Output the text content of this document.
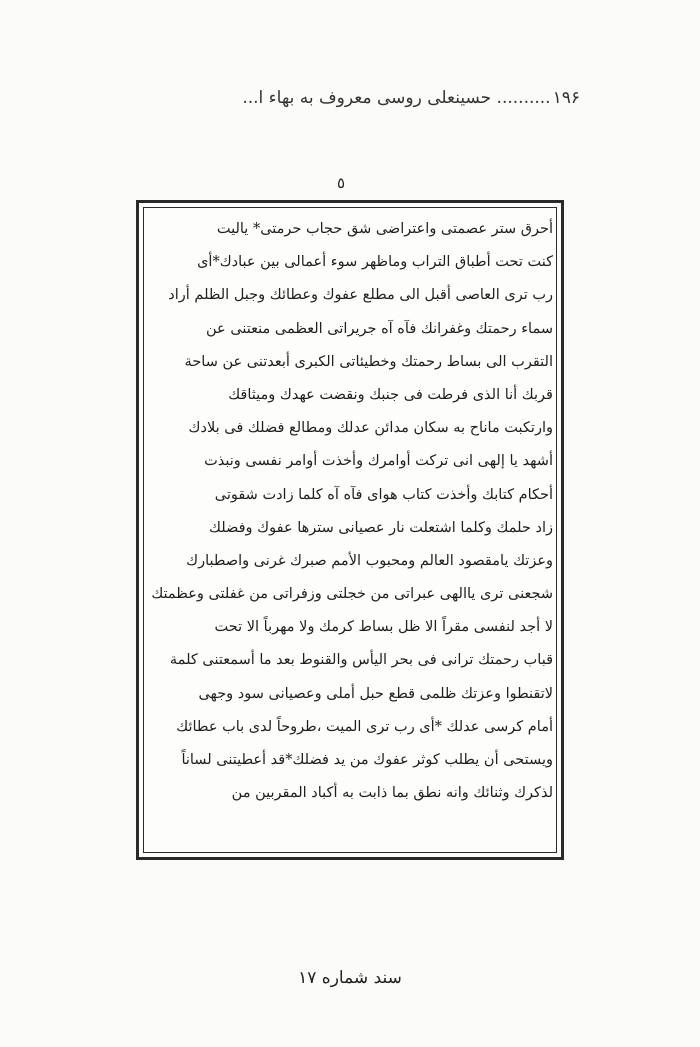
۱۹۶.......... حسینعلی روسی معروف به بهاء ا...
٥
أحرق ستر عصمتی واعتراضی شق حجاب حرمتی* یالیت
کنت تحت أطباق التراب وماظهر سوء أعمالی بین عبادك*أی
رب تری العاصی أقبل الی مطلع عفوك وعطائك وجبل الظلم أراد
سماء رحمتك وغفرانك فآه آه جریراتی العظمی منعتنی عن
التقرب الی بساط رحمتك وخطیئاتی الکبری أبعدتنی عن ساحة
قربك أنا الذی فرطت فی جنبك ونقضت عهدك ومیثاقك
وارتکبت ماناح به سکان مدائن عدلك ومطالع فضلك فی بلادك
أشهد یا إلهی انی ترکت أوامرك وأخذت أوامر نفسی ونبذت
أحکام کتابك وأخذت کتاب هوای فآه آه کلما زادت شقوتی
زاد حلمك وکلما اشتعلت نار عصیانی سترها عفوك وفضلك
وعزتك یامقصود العالم ومحبوب الأمم صبرك غرنی واصطبارك
شجعنی تری یاالهی عبراتی من خجلتی وزفراتی من غفلتی وعظمتك
لا أجد لنفسی مقراً الا ظل بساط کرمك ولا مهرباً الا تحت
قباب رحمتك ترانی فی بحر الیأس والقنوط بعد ما أسمعتنی کلمة
لاتقنطوا وعزتك ظلمی قطع حبل أملی وعصیانی سود وجهی
أمام کرسی عدلك *أی رب تری المیت ،طروحاً لدی باب عطائك
ویستحی أن یطلب کوثر عفوك من ید فضلك*قد أعطیتنی لساناً
لذکرك وثنائك وانه نطق بما ذابت به أکباد المقربین من
سند شماره ۱۷
